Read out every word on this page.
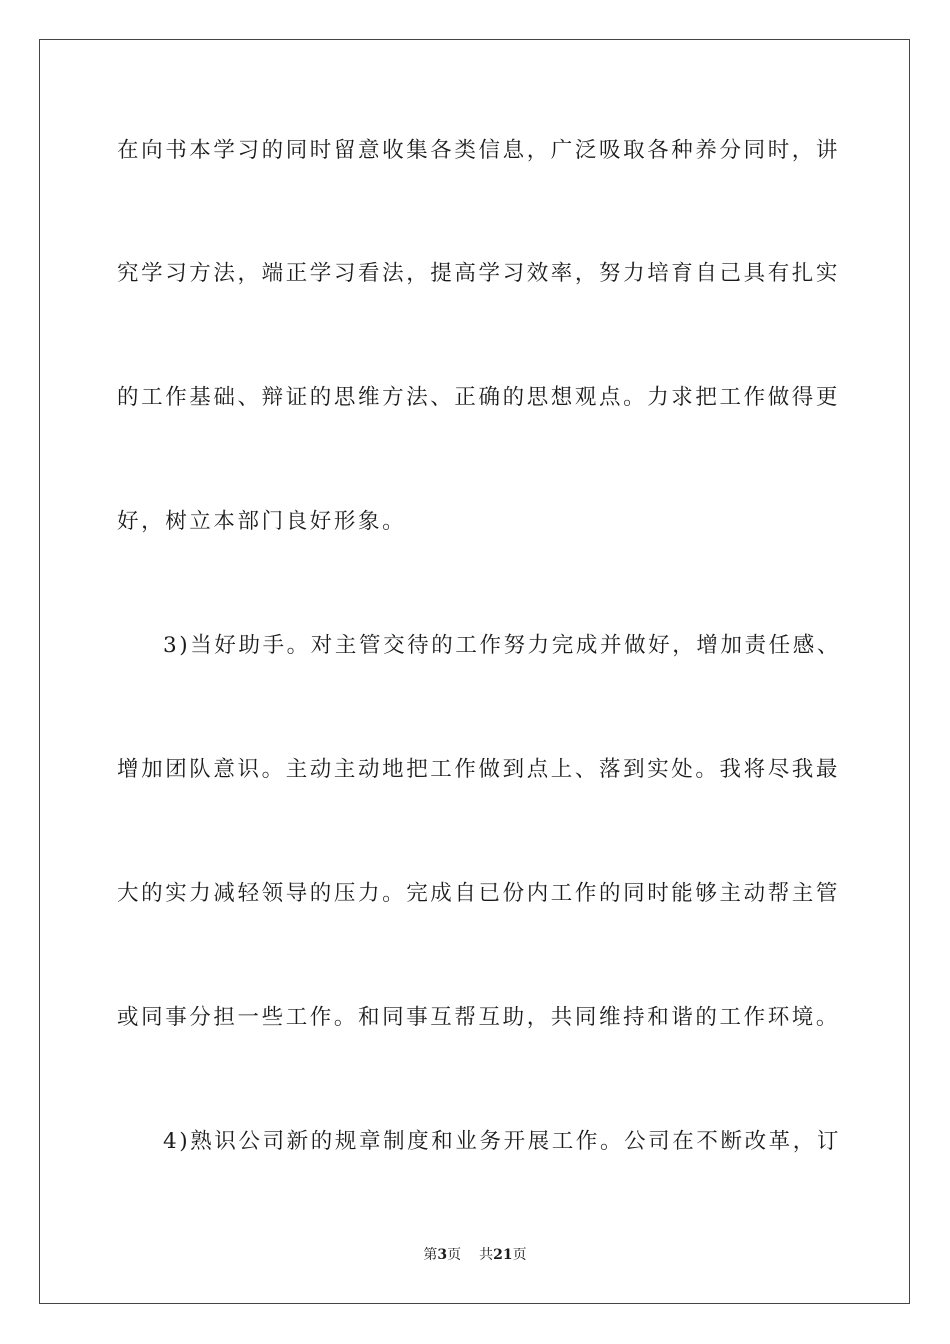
在向书本学习的同时留意收集各类信息，广泛吸取各种养分同时，讲
究学习方法，端正学习看法，提高学习效率，努力培育自己具有扎实
的工作基础、辩证的思维方法、正确的思想观点。力求把工作做得更
好，树立本部门良好形象。
3)当好助手。对主管交待的工作努力完成并做好，增加责任感、
增加团队意识。主动主动地把工作做到点上、落到实处。我将尽我最
大的实力减轻领导的压力。完成自已份内工作的同时能够主动帮主管
或同事分担一些工作。和同事互帮互助，共同维持和谐的工作环境。
4)熟识公司新的规章制度和业务开展工作。公司在不断改革，订
第3页 共21页
